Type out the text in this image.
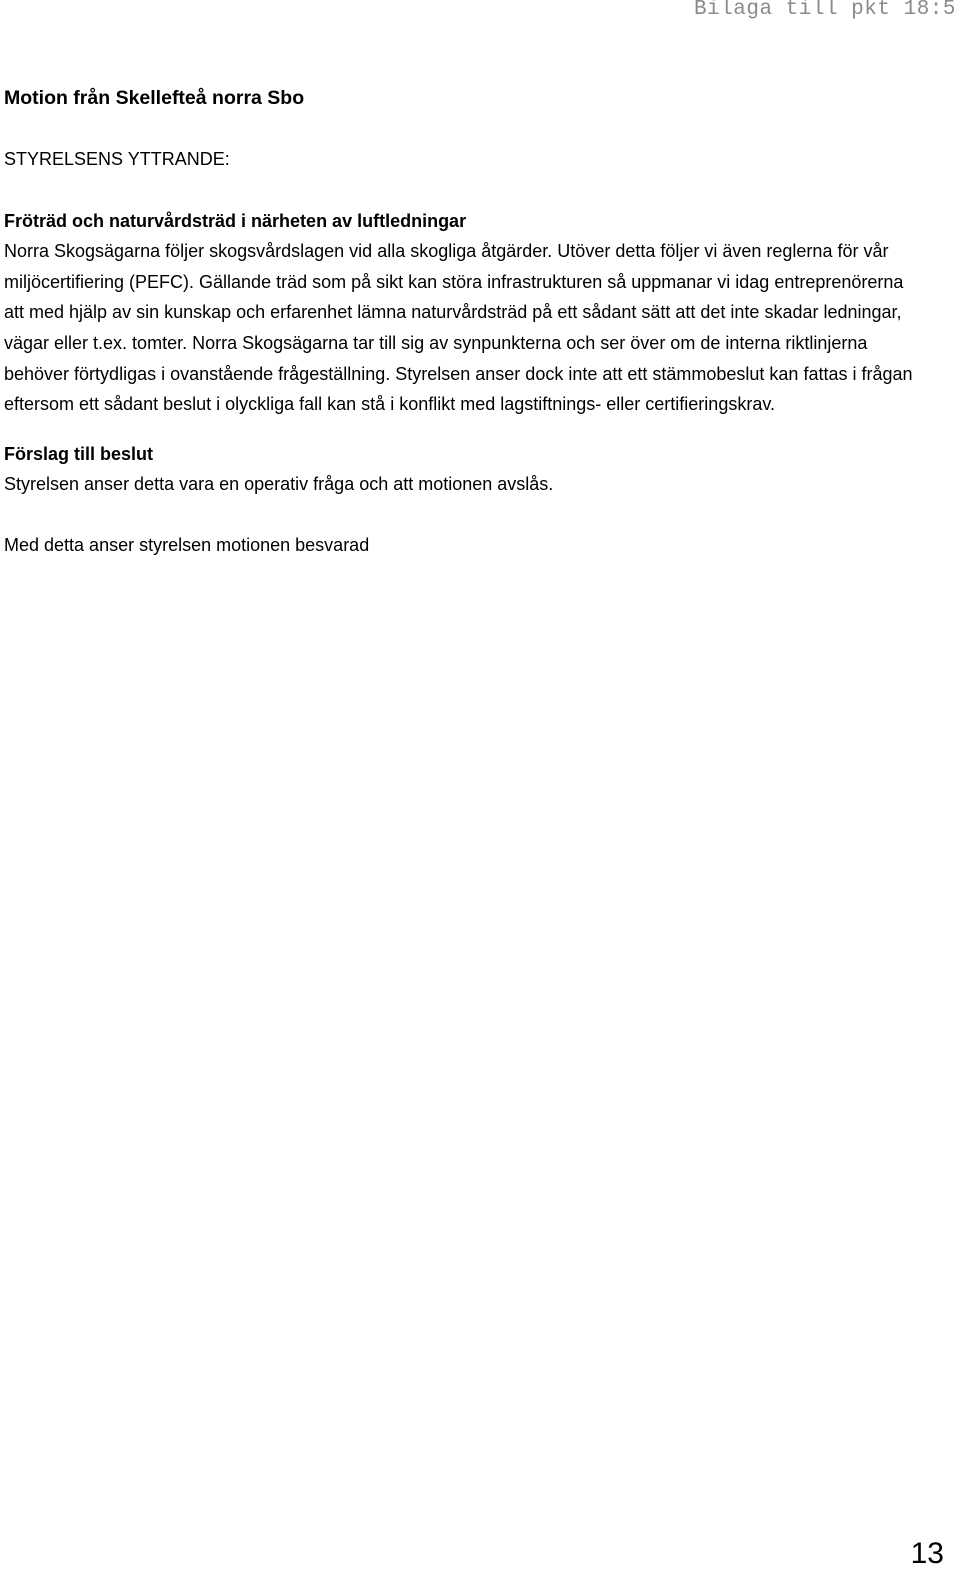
Bilaga till pkt 18:5
Motion från Skellefteå norra Sbo
STYRELSENS YTTRANDE:
Fröträd och naturvårdsträd i närheten av luftledningar
Norra Skogsägarna följer skogsvårdslagen vid alla skogliga åtgärder. Utöver detta följer vi även reglerna för vår miljöcertifiering (PEFC). Gällande träd som på sikt kan störa infrastrukturen så uppmanar vi idag entreprenörerna att med hjälp av sin kunskap och erfarenhet lämna naturvårdsträd på ett sådant sätt att det inte skadar ledningar, vägar eller t.ex. tomter. Norra Skogsägarna tar till sig av synpunkterna och ser över om de interna riktlinjerna behöver förtydligas i ovanstående frågeställning. Styrelsen anser dock inte att ett stämmobeslut kan fattas i frågan eftersom ett sådant beslut i olyckliga fall kan stå i konflikt med lagstiftnings- eller certifieringskrav.
Förslag till beslut
Styrelsen anser detta vara en operativ fråga och att motionen avslås.
Med detta anser styrelsen motionen besvarad
13
